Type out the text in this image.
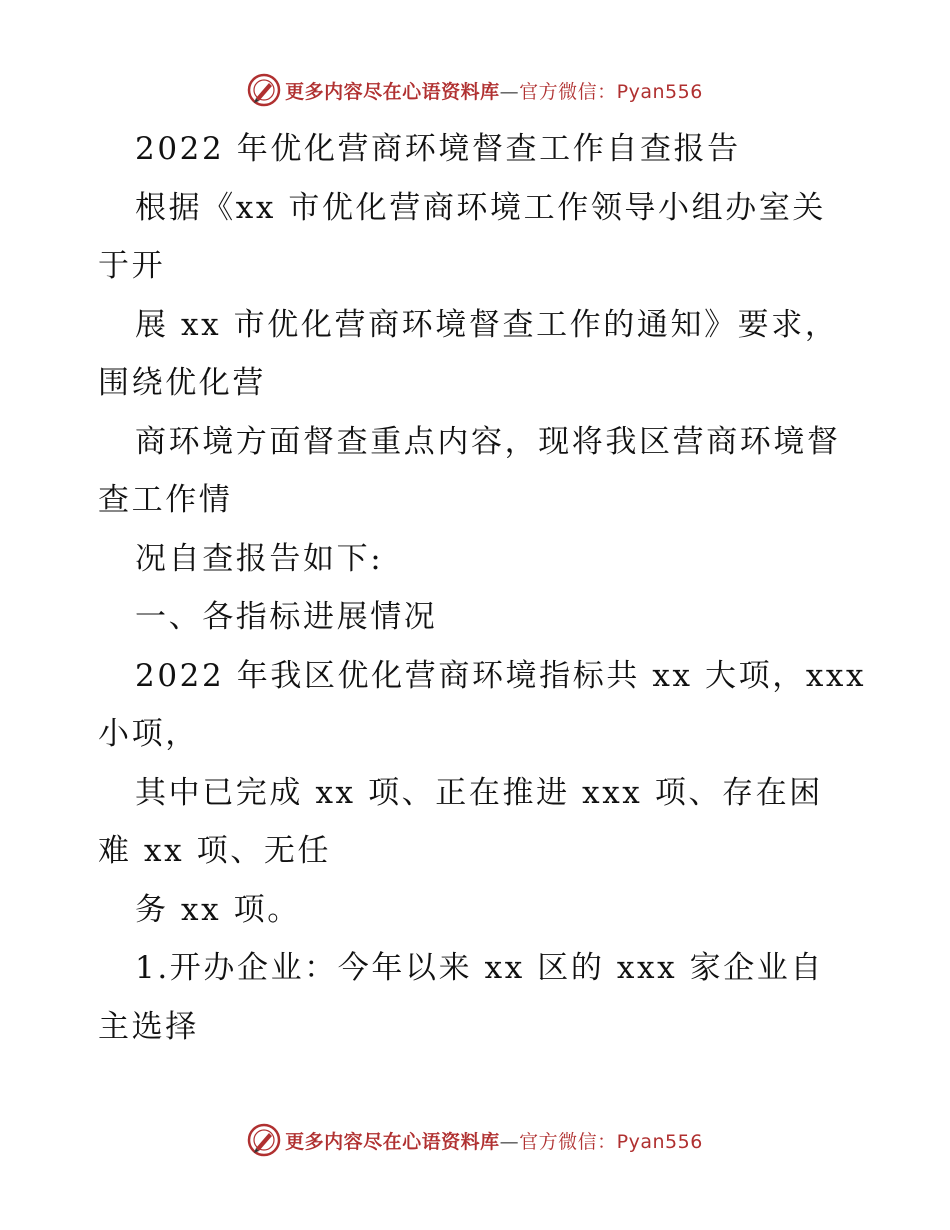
更多内容尽在心语资料库—官方微信：Pyan556
2022 年优化营商环境督查工作自查报告
根据《xx 市优化营商环境工作领导小组办室关
于开
展 xx 市优化营商环境督查工作的通知》要求，
围绕优化营
商环境方面督查重点内容，现将我区营商环境督
查工作情
况自查报告如下:
一、各指标进展情况
2022 年我区优化营商环境指标共 xx 大项，xxx
小项，
其中已完成 xx 项、正在推进 xxx 项、存在困
难 xx 项、无任
务 xx 项。
1.开办企业：今年以来 xx 区的 xxx 家企业自
主选择
更多内容尽在心语资料库—官方微信：Pyan556
